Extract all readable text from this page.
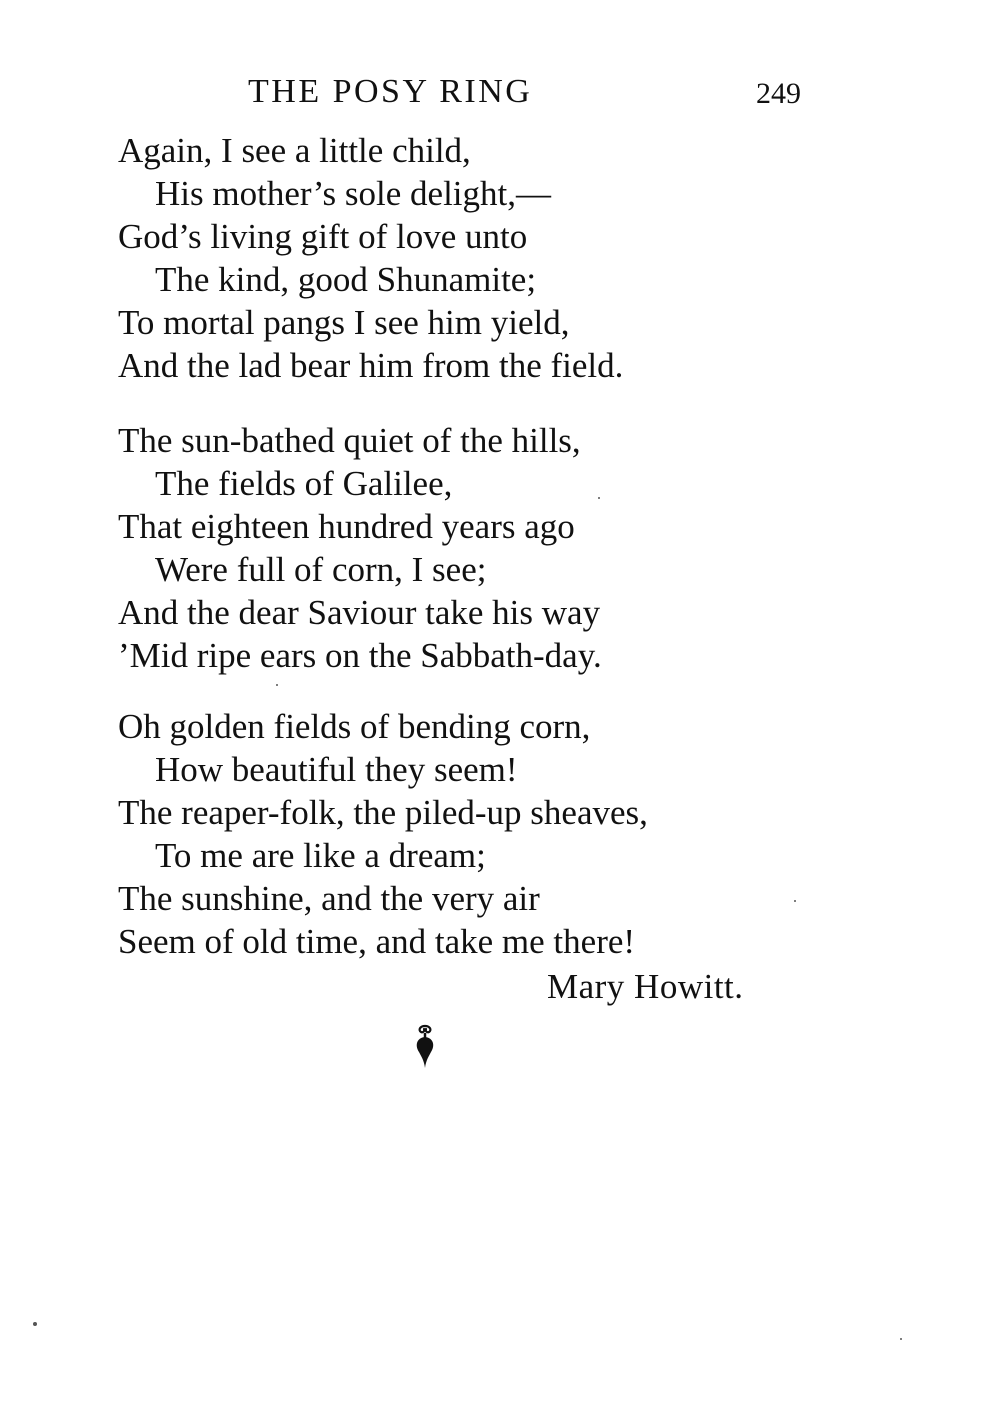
THE POSY RING	249
Again, I see a little child,
His mother’s sole delight,—
God’s living gift of love unto
The kind, good Shunamite;
To mortal pangs I see him yield,
And the lad bear him from the field.
The sun-bathed quiet of the hills,
The fields of Galilee,
That eighteen hundred years ago
Were full of corn, I see;
And the dear Saviour take his way
’Mid ripe ears on the Sabbath-day.
Oh golden fields of bending corn,
How beautiful they seem!
The reaper-folk, the piled-up sheaves,
To me are like a dream;
The sunshine, and the very air
Seem of old time, and take me there!
Mary Howitt.
